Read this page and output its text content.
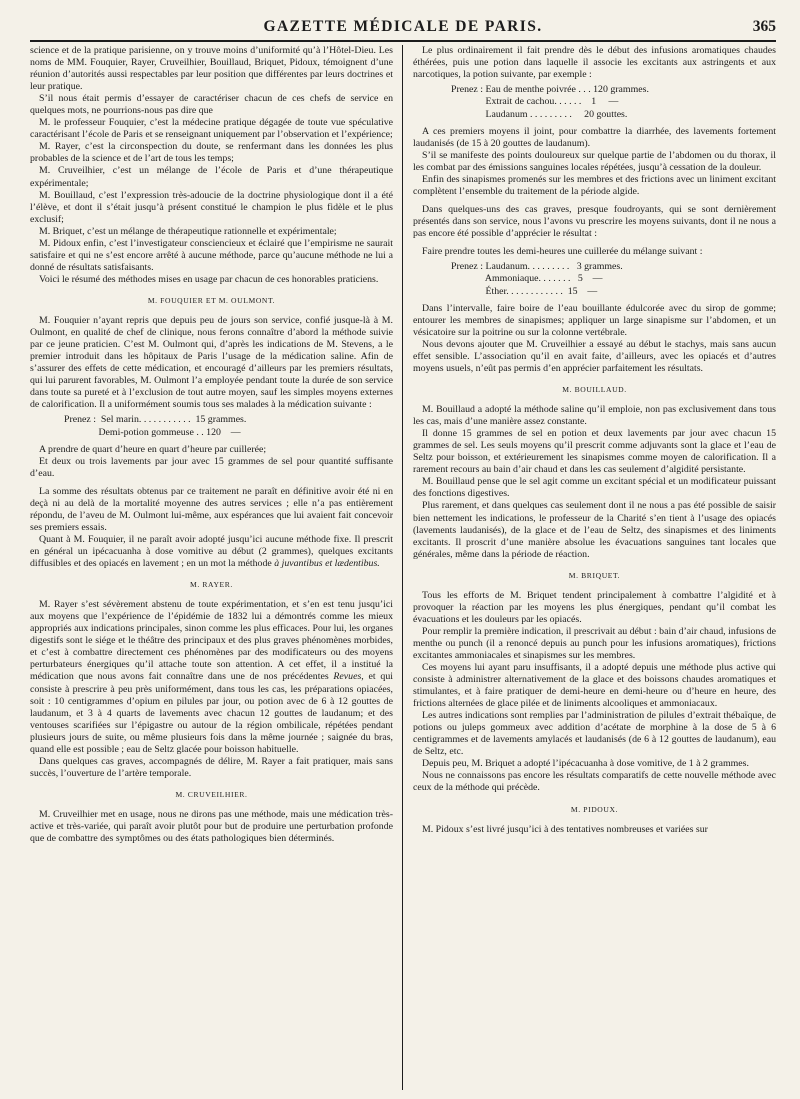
GAZETTE MÉDICALE DE PARIS.	365

science et de la pratique parisienne, on y trouve moins d’uniformité qu’à l’Hôtel-Dieu. Les noms de MM. Fouquier, Rayer, Cruveilhier, Bouillaud, Briquet, Pidoux, témoignent d’une réunion d’autorités aussi respectables par leur position que différentes par leurs doctrines et leur pratique.

S’il nous était permis d’essayer de caractériser chacun de ces chefs de service en quelques mots, ne pourrions-nous pas dire que

M. le professeur Fouquier, c’est la médecine pratique dégagée de toute vue spéculative caractérisant l’école de Paris et se renseignant uniquement par l’observation et l’expérience;

M. Rayer, c’est la circonspection du doute, se renfermant dans les données les plus probables de la science et de l’art de tous les temps;

M. Cruveilhier, c’est un mélange de l’école de Paris et d’une thérapeutique expérimentale;

M. Bouillaud, c’est l’expression très-adoucie de la doctrine physiologique dont il a été l’élève, et dont il s’était jusqu’à présent constitué le champion le plus fidèle et le plus exclusif;

M. Briquet, c’est un mélange de thérapeutique rationnelle et expérimentale;

M. Pidoux enfin, c’est l’investigateur consciencieux et éclairé que l’empirisme ne saurait satisfaire et qui ne s’est encore arrêté à aucune méthode, parce qu’aucune méthode ne lui a donné de résultats satisfaisants.

Voici le résumé des méthodes mises en usage par chacun de ces honorables praticiens.

M. FOUQUIER ET M. OULMONT.

M. Fouquier n’ayant repris que depuis peu de jours son service, confié jusque-là à M. Oulmont, en qualité de chef de clinique, nous ferons connaître d’abord la méthode suivie par ce jeune praticien. C’est M. Oulmont qui, d’après les indications de M. Stevens, a le premier introduit dans les hôpitaux de Paris l’usage de la médication saline. Afin de s’assurer des effets de cette médication, et encouragé d’ailleurs par les premiers résultats, qui lui parurent favorables, M. Oulmont l’a employée pendant toute la durée de son service dans toute sa pureté et à l’exclusion de tout autre moyen, sauf les simples moyens externes de calorification. Il a uniformément soumis tous ses malades à la médication suivante :

Prenez :  Sel marin. . . . . . . . . . .  15 grammes.
Demi-potion gommeuse . . 120    —

A prendre de quart d’heure en quart d’heure par cuillerée;

Et deux ou trois lavements par jour avec 15 grammes de sel pour quantité suffisante d’eau.

La somme des résultats obtenus par ce traitement ne paraît en définitive avoir été ni en deçà ni au delà de la mortalité moyenne des autres services ; elle n’a pas entièrement répondu, de l’aveu de M. Oulmont lui-même, aux espérances que lui avaient fait concevoir ses premiers essais.

Quant à M. Fouquier, il ne paraît avoir adopté jusqu’ici aucune méthode fixe. Il prescrit en général un ipécacuanha à dose vomitive au début (2 grammes), quelques excitants diffusibles et des opiacés en lavement ; en un mot la méthode à juvantibus et lædentibus.

M. RAYER.

M. Rayer s’est sévèrement abstenu de toute expérimentation, et s’en est tenu jusqu’ici aux moyens que l’expérience de l’épidémie de 1832 lui a démontrés comme les mieux appropriés aux indications principales, sinon comme les plus efficaces. Pour lui, les organes digestifs sont le siége et le théâtre des principaux et des plus graves phénomènes morbides, et c’est à combattre directement ces phénomènes par des modificateurs ou des moyens perturbateurs énergiques qu’il attache toute son attention. A cet effet, il a institué la médication que nous avons fait connaître dans une de nos précédentes Revues, et qui consiste à prescrire à peu près uniformément, dans tous les cas, les préparations opiacées, soit : 10 centigrammes d’opium en pilules par jour, ou potion avec de 6 à 12 gouttes de laudanum, et 3 à 4 quarts de lavements avec chacun 12 gouttes de laudanum; et des ventouses scarifiées sur l’épigastre ou autour de la région ombilicale, répétées pendant plusieurs jours de suite, ou même plusieurs fois dans la même journée ; saignée du bras, quand elle est possible ; eau de Seltz glacée pour boisson habituelle.

Dans quelques cas graves, accompagnés de délire, M. Rayer a fait pratiquer, mais sans succès, l’ouverture de l’artère temporale.

M. CRUVEILHIER.

M. Cruveilhier met en usage, nous ne dirons pas une méthode, mais une médication très-active et très-variée, qui paraît avoir plutôt pour but de produire une perturbation profonde que de combattre des symptômes ou des états pathologiques bien déterminés.

Le plus ordinairement il fait prendre dès le début des infusions aromatiques chaudes éthérées, puis une potion dans laquelle il associe les excitants aux astringents et aux narcotiques, la potion suivante, par exemple :

Prenez : Eau de menthe poivrée . . . 120 grammes.
Extrait de cachou. . . . . .    1     —
Laudanum . . . . . . . . .     20 gouttes.

A ces premiers moyens il joint, pour combattre la diarrhée, des lavements fortement laudanisés (de 15 à 20 gouttes de laudanum).

S’il se manifeste des points douloureux sur quelque partie de l’abdomen ou du thorax, il les combat par des émissions sanguines locales répétées, jusqu’à cessation de la douleur.

Enfin des sinapismes promenés sur les membres et des frictions avec un liniment excitant complètent l’ensemble du traitement de la période algide.

Dans quelques-uns des cas graves, presque foudroyants, qui se sont dernièrement présentés dans son service, nous l’avons vu prescrire les moyens suivants, dont il ne nous a pas encore été possible d’apprécier le résultat :

Faire prendre toutes les demi-heures une cuillerée du mélange suivant :

Prenez : Laudanum. . . . . . . . .   3 grammes.
Ammoniaque. . . . . . .   5    —
Éther. . . . . . . . . . . .  15    —

Dans l’intervalle, faire boire de l’eau bouillante édulcorée avec du sirop de gomme; entourer les membres de sinapismes; appliquer un large sinapisme sur l’abdomen, et un vésicatoire sur la poitrine ou sur la colonne vertébrale.

Nous devons ajouter que M. Cruveilhier a essayé au début le stachys, mais sans aucun effet sensible. L’association qu’il en avait faite, d’ailleurs, avec les opiacés et d’autres moyens usuels, n’eût pas permis d’en apprécier parfaitement les résultats.

M. BOUILLAUD.

M. Bouillaud a adopté la méthode saline qu’il emploie, non pas exclusivement dans tous les cas, mais d’une manière assez constante.

Il donne 15 grammes de sel en potion et deux lavements par jour avec chacun 15 grammes de sel. Les seuls moyens qu’il prescrit comme adjuvants sont la glace et l’eau de Seltz pour boisson, et extérieurement les sinapismes comme moyen de calorification. Il a rarement recours au bain d’air chaud et dans les cas seulement d’algidité persistante.

M. Bouillaud pense que le sel agit comme un excitant spécial et un modificateur puissant des fonctions digestives.

Plus rarement, et dans quelques cas seulement dont il ne nous a pas été possible de saisir bien nettement les indications, le professeur de la Charité s’en tient à l’usage des opiacés (lavements laudanisés), de la glace et de l’eau de Seltz, des sinapismes et des liniments excitants. Il proscrit d’une manière absolue les évacuations sanguines tant locales que générales, même dans la période de réaction.

M. BRIQUET.

Tous les efforts de M. Briquet tendent principalement à combattre l’algidité et à provoquer la réaction par les moyens les plus énergiques, pendant qu’il combat les évacuations et les douleurs par les opiacés.

Pour remplir la première indication, il prescrivait au début : bain d’air chaud, infusions de menthe ou punch (il a renoncé depuis au punch pour les infusions aromatiques), frictions excitantes ammoniacales et sinapismes sur les membres.

Ces moyens lui ayant paru insuffisants, il a adopté depuis une méthode plus active qui consiste à administrer alternativement de la glace et des boissons chaudes aromatiques et stimulantes, et à faire pratiquer de demi-heure en demi-heure ou d’heure en heure, des frictions alternées de glace pilée et de liniments alcooliques et ammoniacaux.

Les autres indications sont remplies par l’administration de pilules d’extrait thébaïque, de potions ou juleps gommeux avec addition d’acétate de morphine à la dose de 5 à 6 centigrammes et de lavements amylacés et laudanisés (de 6 à 12 gouttes de laudanum), eau de Seltz, etc.

Depuis peu, M. Briquet a adopté l’ipécacuanha à dose vomitive, de 1 à 2 grammes.

Nous ne connaissons pas encore les résultats comparatifs de cette nouvelle méthode avec ceux de la méthode qui précède.

M. PIDOUX.

M. Pidoux s’est livré jusqu’ici à des tentatives nombreuses et variées sur
